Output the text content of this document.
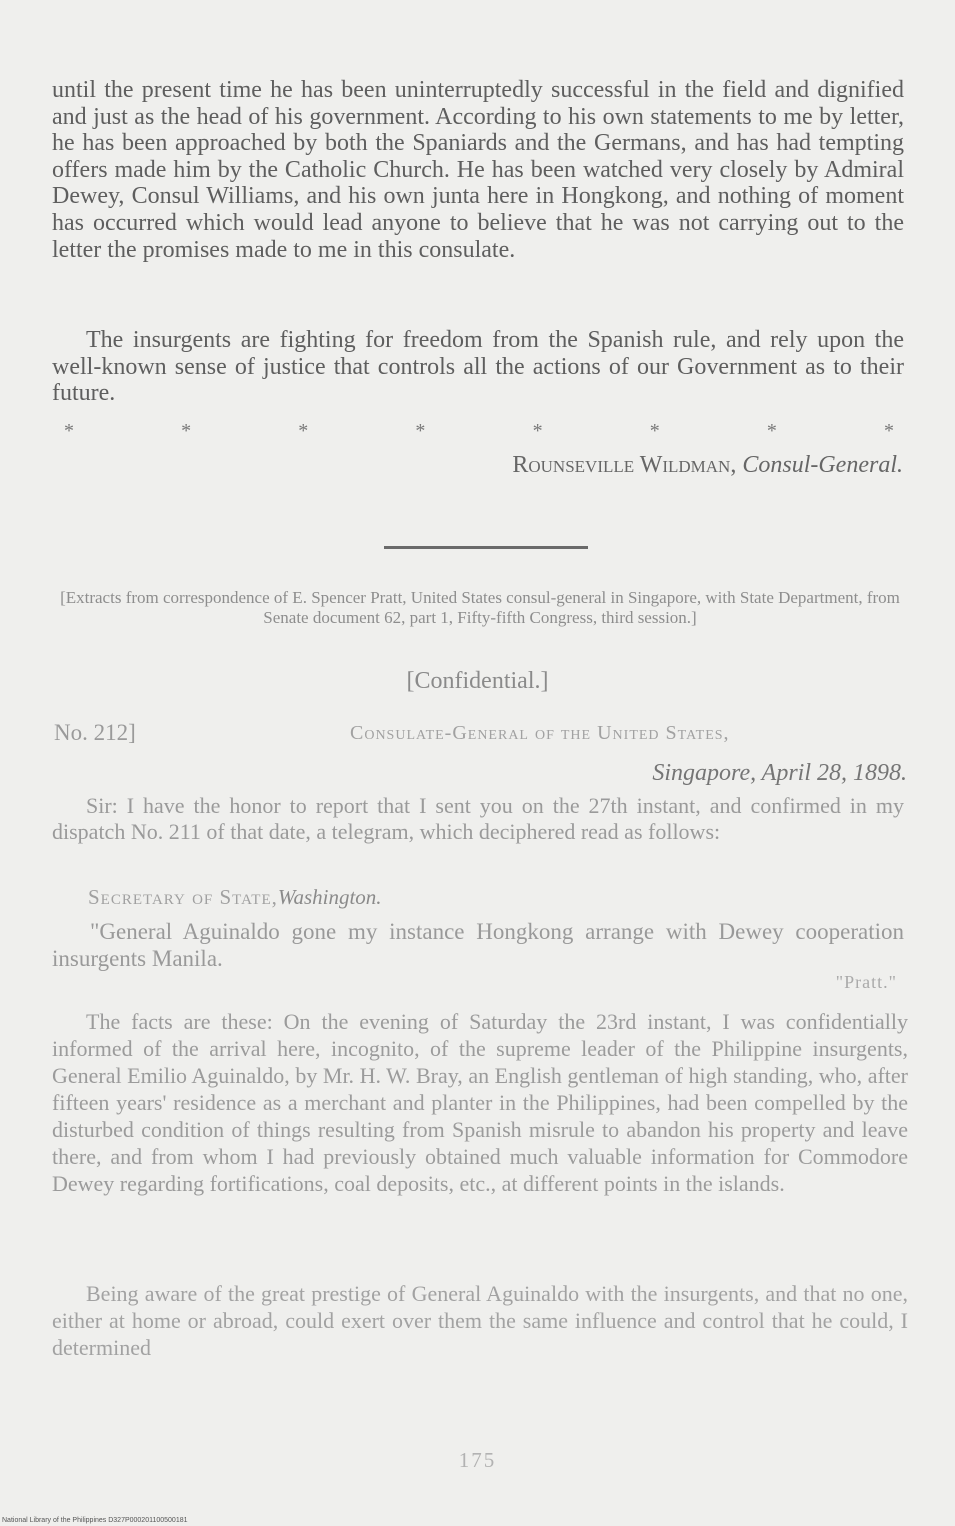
until the present time he has been uninterruptedly successful in the field and dignified and just as the head of his government. According to his own statements to me by letter, he has been approached by both the Spaniards and the Germans, and has had tempting offers made him by the Catholic Church. He has been watched very closely by Admiral Dewey, Consul Williams, and his own junta here in Hongkong, and nothing of moment has occurred which would lead anyone to believe that he was not carrying out to the letter the promises made to me in this consulate.

The insurgents are fighting for freedom from the Spanish rule, and rely upon the well-known sense of justice that controls all the actions of our Government as to their future.

*	*	*	*	*	*	*	*
Rounseville Wildman, Consul-General.
[Extracts from correspondence of E. Spencer Pratt, United States consul-general in Singapore, with State Department, from Senate document 62, part 1, Fifty-fifth Congress, third session.]
[Confidential.]
No. 212]	Consulate-General of the United States,
Singapore, April 28, 1898.

Sir: I have the honor to report that I sent you on the 27th instant, and confirmed in my dispatch No. 211 of that date, a telegram, which deciphered read as follows:

Secretary of State,Washington.

"General Aguinaldo gone my instance Hongkong arrange with Dewey cooperation insurgents Manila.

"Pratt."

The facts are these: On the evening of Saturday the 23rd instant, I was confidentially informed of the arrival here, incognito, of the supreme leader of the Philippine insurgents, General Emilio Aguinaldo, by Mr. H. W. Bray, an English gentleman of high standing, who, after fifteen years' residence as a merchant and planter in the Philippines, had been compelled by the disturbed condition of things resulting from Spanish misrule to abandon his property and leave there, and from whom I had previously obtained much valuable information for Commodore Dewey regarding fortifications, coal deposits, etc., at different points in the islands.

Being aware of the great prestige of General Aguinaldo with the insurgents, and that no one, either at home or abroad, could exert over them the same influence and control that he could, I determined

175
National Library of the Philippines D327P000201100500181
